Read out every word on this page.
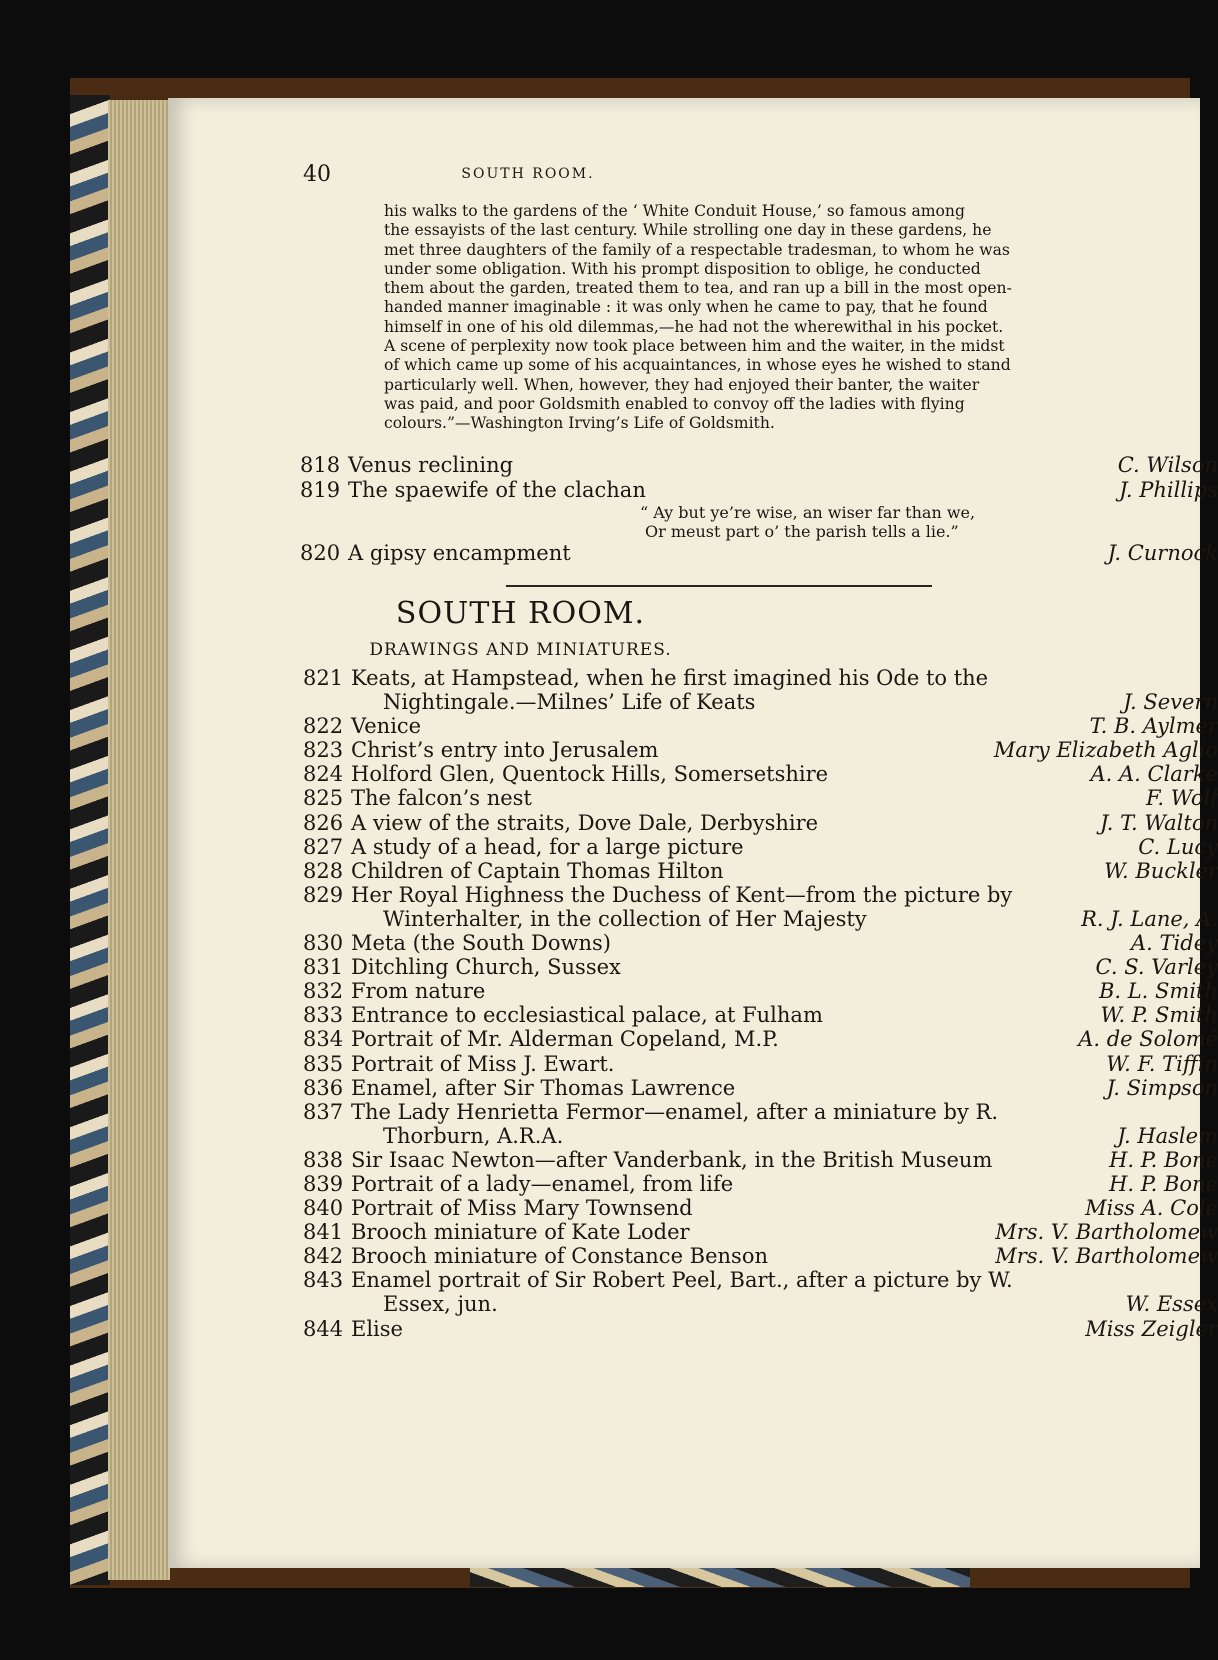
40	SOUTH ROOM.
his walks to the gardens of the ‘ White Conduit House,’ so famous among
the essayists of the last century. While strolling one day in these gardens, he
met three daughters of the family of a respectable tradesman, to whom he was
under some obligation. With his prompt disposition to oblige, he conducted
them about the garden, treated them to tea, and ran up a bill in the most open-
handed manner imaginable : it was only when he came to pay, that he found
himself in one of his old dilemmas,—he had not the wherewithal in his pocket.
A scene of perplexity now took place between him and the waiter, in the midst
of which came up some of his acquaintances, in whose eyes he wished to stand
particularly well. When, however, they had enjoyed their banter, the waiter
was paid, and poor Goldsmith enabled to convoy off the ladies with flying
colours.”—Washington Irving’s Life of Goldsmith.
818 Venus reclining	C. Wilson
819 The spaewife of the clachan	J. Phillips
“ Ay but ye’re wise, an wiser far than we,
Or meust part o’ the parish tells a lie.”
820 A gipsy encampment	J. Curnock
SOUTH ROOM.
DRAWINGS AND MINIATURES.
821 Keats, at Hampstead, when he first imagined his Ode to the
Nightingale.—Milnes’ Life of Keats	J. Severn
822 Venice	T. B. Aylmer
823 Christ’s entry into Jerusalem	Mary Elizabeth Aglio
824 Holford Glen, Quentock Hills, Somersetshire	A. A. Clarke
825 The falcon’s nest	F. Wolf
826 A view of the straits, Dove Dale, Derbyshire	J. T. Walton
827 A study of a head, for a large picture	C. Lucy
828 Children of Captain Thomas Hilton	W. Buckler
829 Her Royal Highness the Duchess of Kent—from the picture by
Winterhalter, in the collection of Her Majesty	R. J. Lane, A.
830 Meta (the South Downs)	A. Tidey
831 Ditchling Church, Sussex	C. S. Varley
832 From nature	B. L. Smith
833 Entrance to ecclesiastical palace, at Fulham	W. P. Smith
834 Portrait of Mr. Alderman Copeland, M.P.	A. de Solomé
835 Portrait of Miss J. Ewart.	W. F. Tiffin
836 Enamel, after Sir Thomas Lawrence	J. Simpson
837 The Lady Henrietta Fermor—enamel, after a miniature by R.
Thorburn, A.R.A.	J. Haslem
838 Sir Isaac Newton—after Vanderbank, in the British Museum	H. P. Bone
839 Portrait of a lady—enamel, from life	H. P. Bone
840 Portrait of Miss Mary Townsend	Miss A. Cole
841 Brooch miniature of Kate Loder	Mrs. V. Bartholomew
842 Brooch miniature of Constance Benson	Mrs. V. Bartholomew
843 Enamel portrait of Sir Robert Peel, Bart., after a picture by W.
Essex, jun.	W. Essex
844 Elise	Miss Zeigler
